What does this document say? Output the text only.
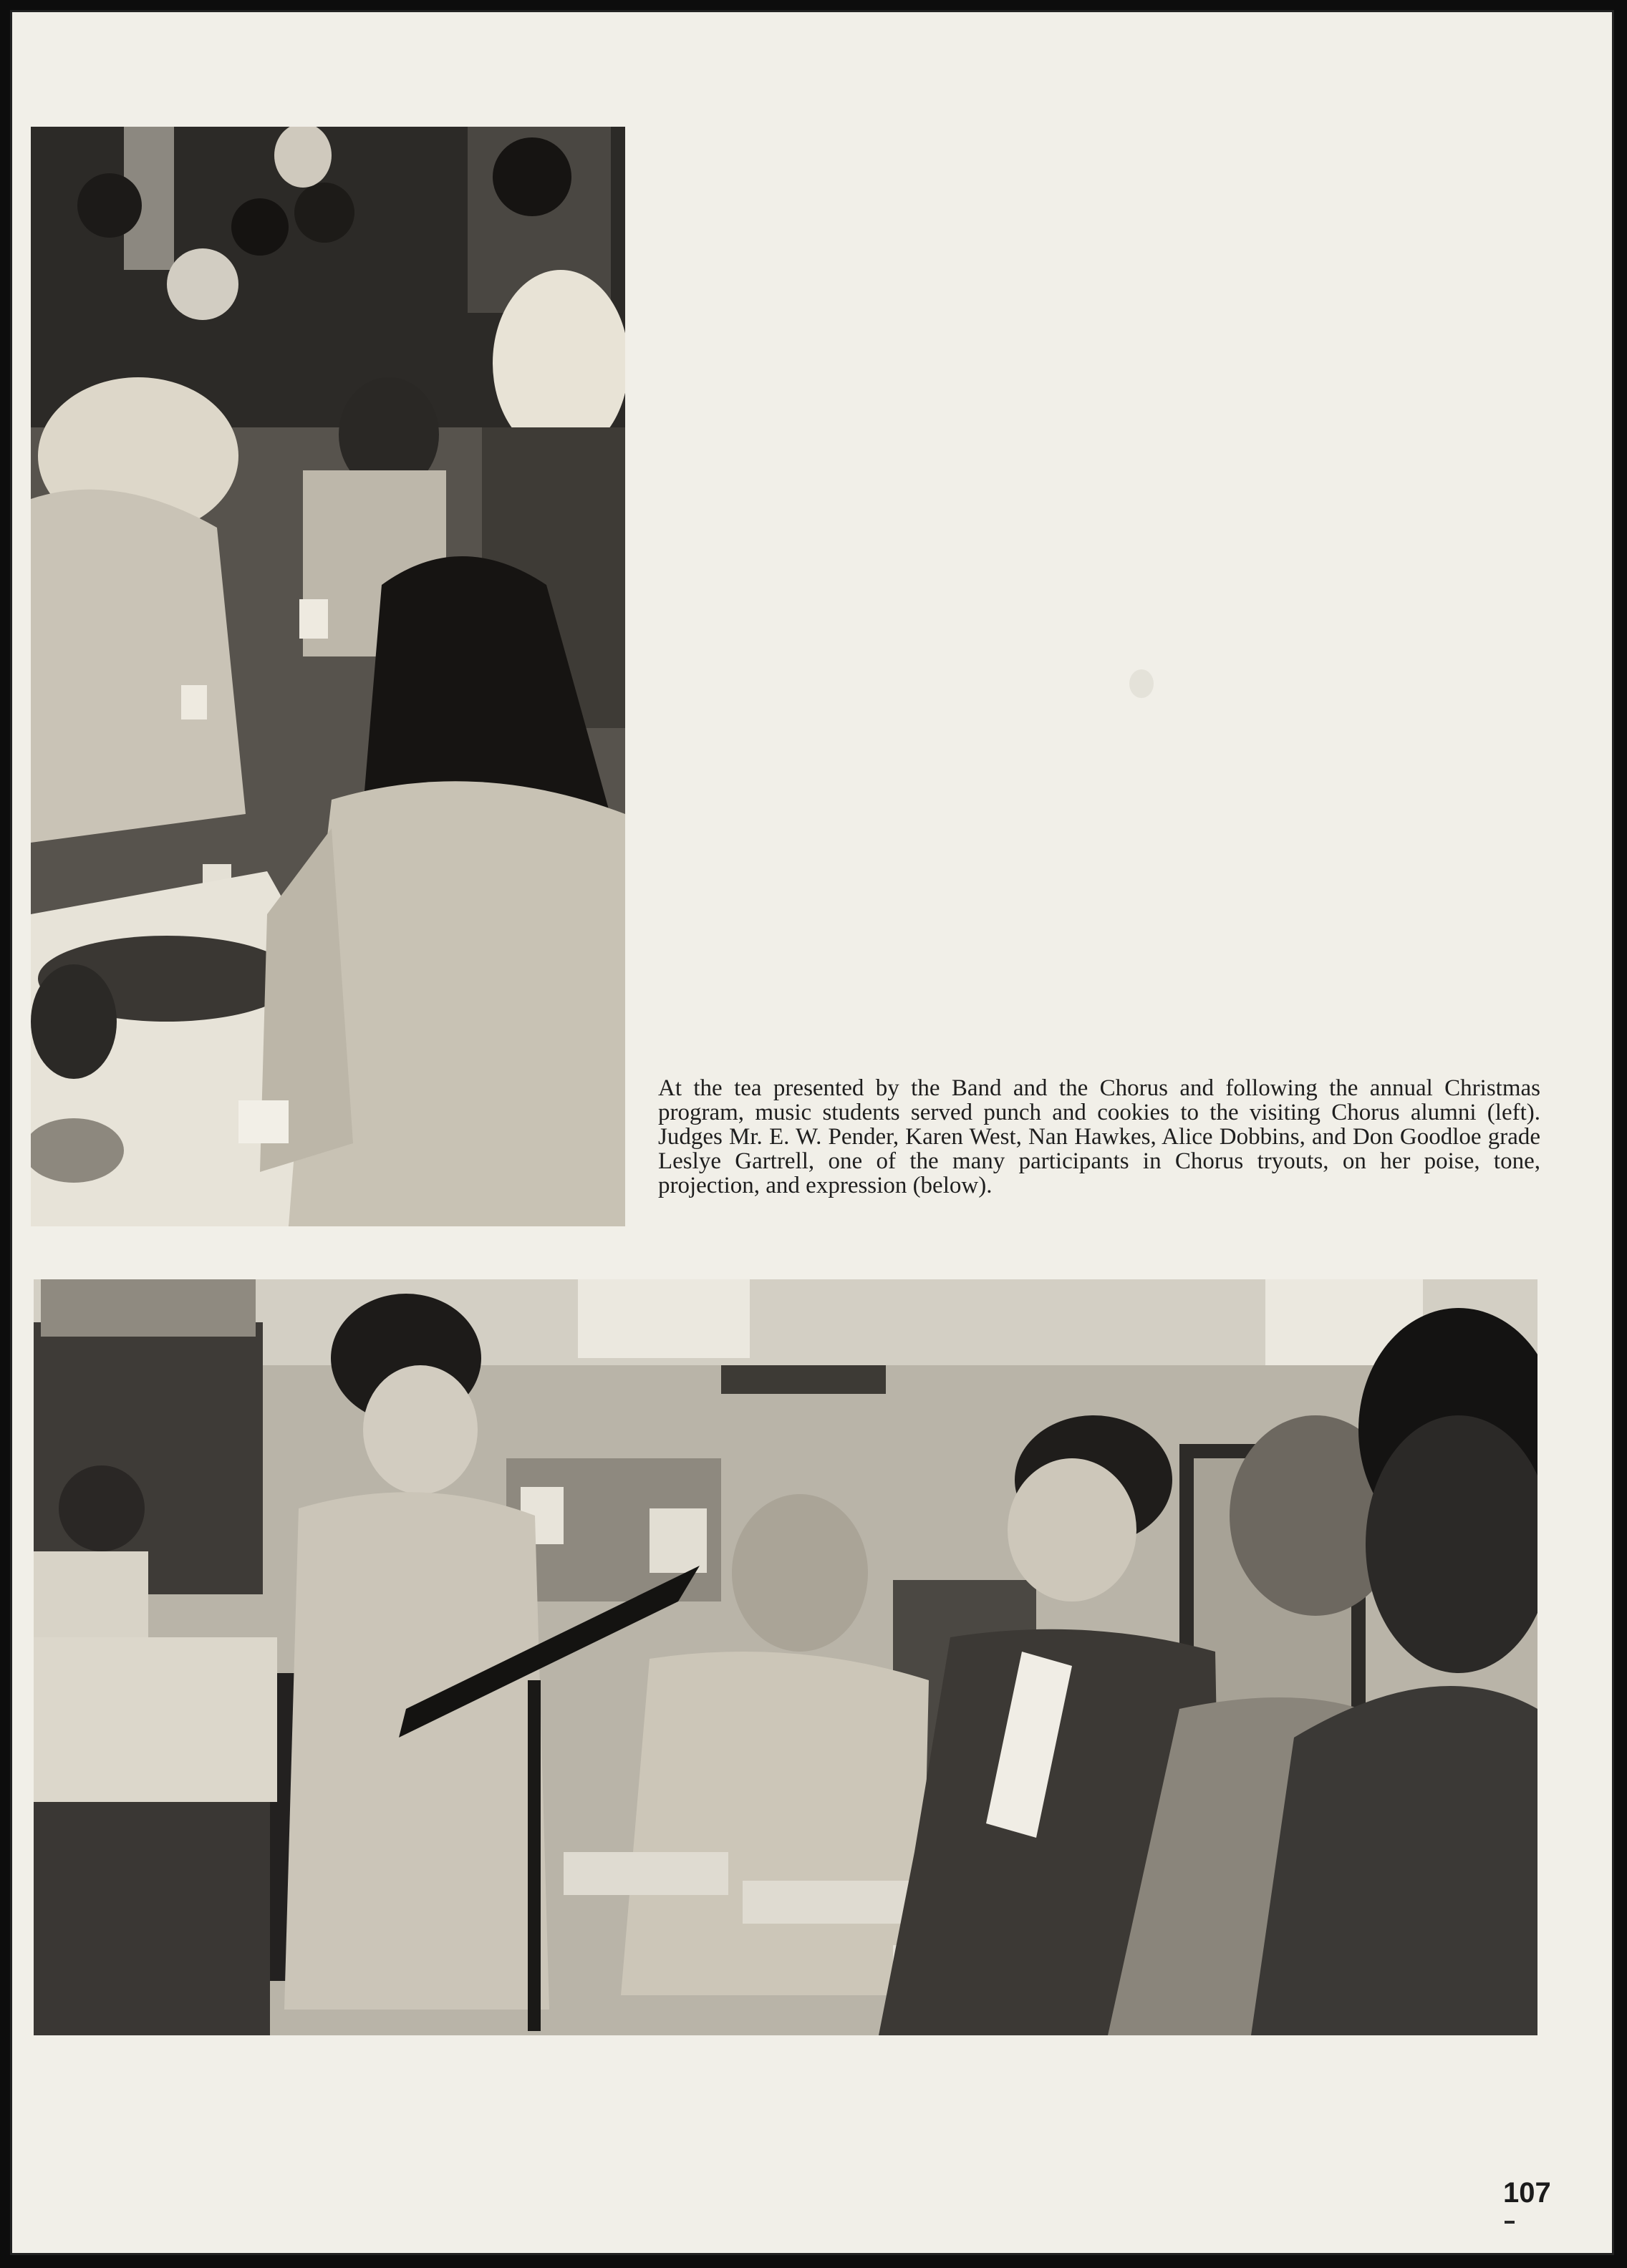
At the tea presented by the Band and the Chorus and following the annual Christmas program, music students served punch and cookies to the visiting Chorus alumni (left). Judges Mr. E. W. Pender, Karen West, Nan Hawkes, Alice Dobbins, and Don Goodloe grade Leslye Gartrell, one of the many participants in Chorus tryouts, on her poise, tone, projection, and expression (below).

107
